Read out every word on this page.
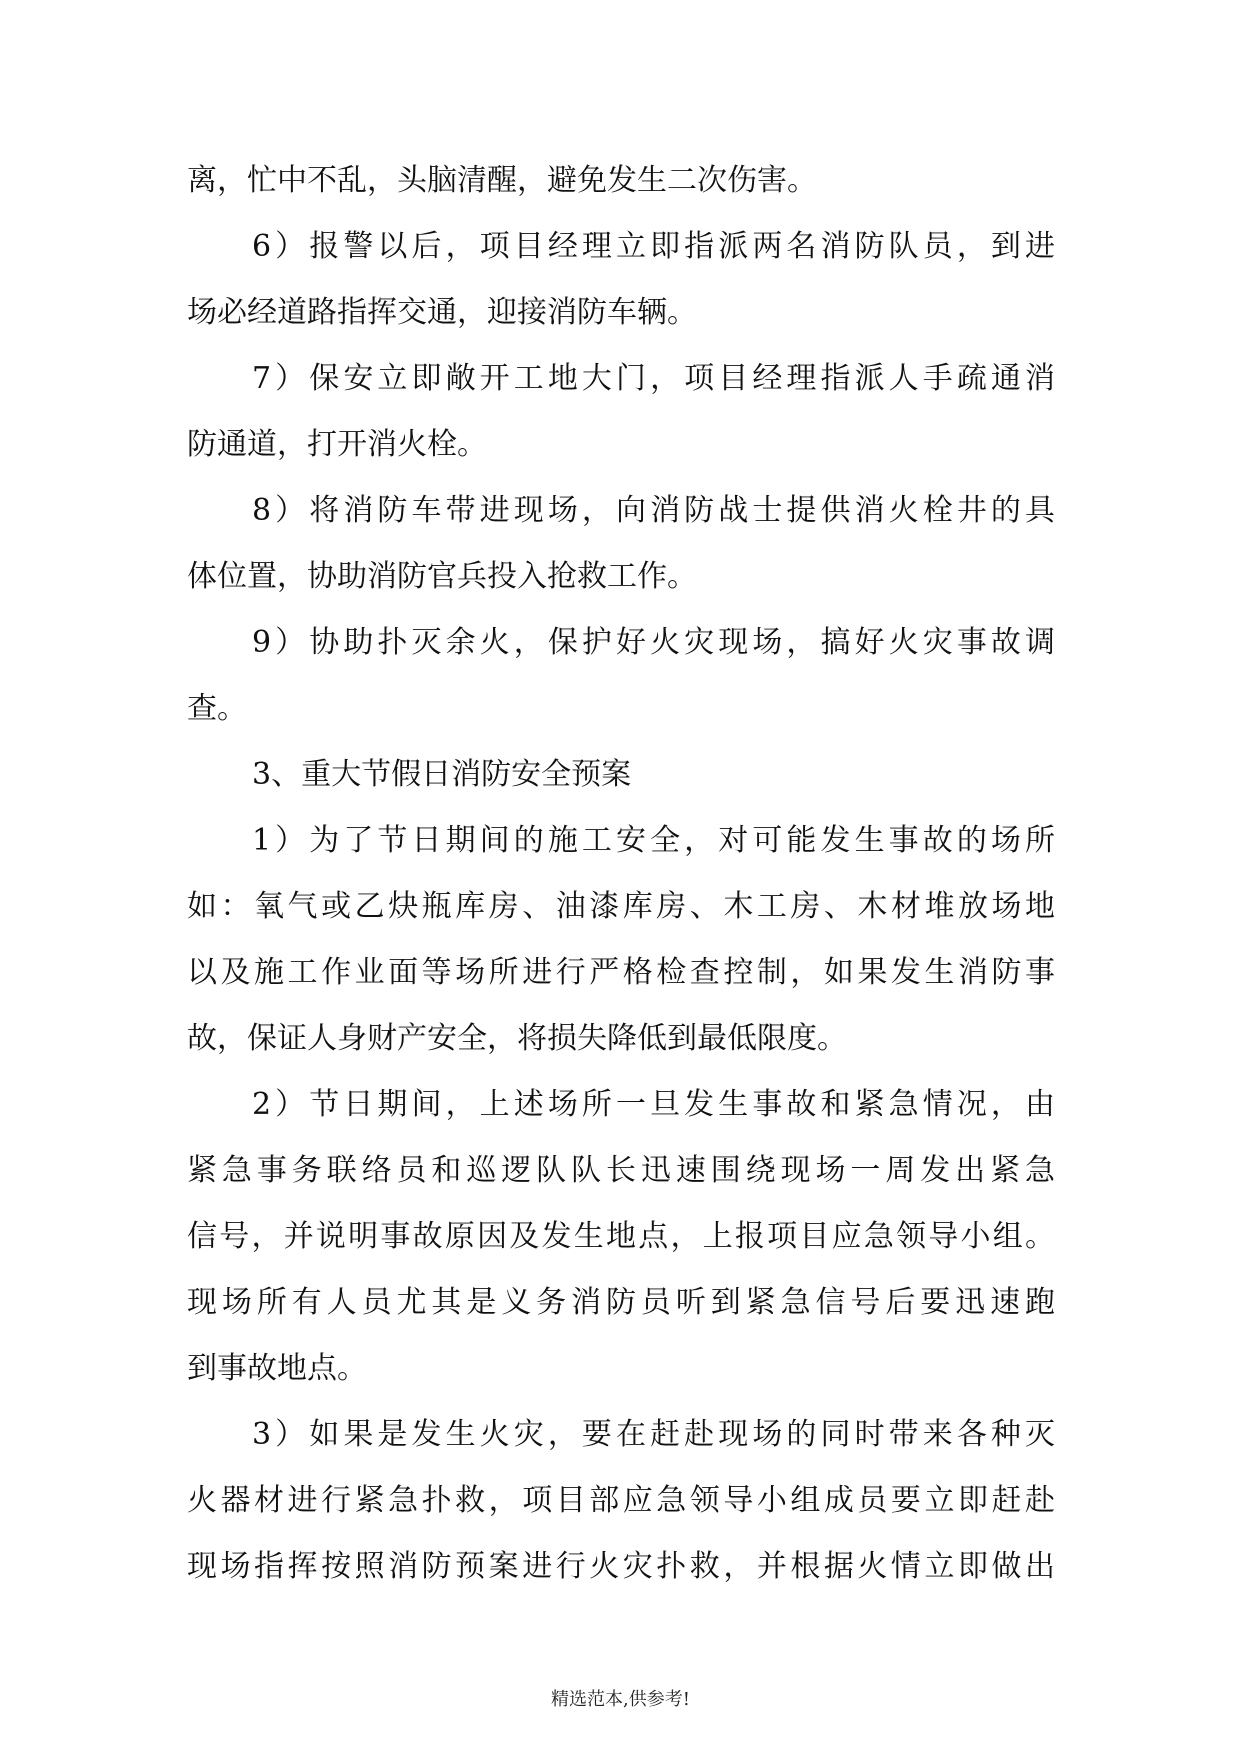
离，忙中不乱，头脑清醒，避免发生二次伤害。
6）报警以后，项目经理立即指派两名消防队员，到进
场必经道路指挥交通，迎接消防车辆。
7）保安立即敞开工地大门，项目经理指派人手疏通消
防通道，打开消火栓。
8）将消防车带进现场，向消防战士提供消火栓井的具
体位置，协助消防官兵投入抢救工作。
9）协助扑灭余火，保护好火灾现场，搞好火灾事故调
查。
3、重大节假日消防安全预案
1）为了节日期间的施工安全，对可能发生事故的场所
如：氧气或乙炔瓶库房、油漆库房、木工房、木材堆放场地
以及施工作业面等场所进行严格检查控制，如果发生消防事
故，保证人身财产安全，将损失降低到最低限度。
2）节日期间，上述场所一旦发生事故和紧急情况，由
紧急事务联络员和巡逻队队长迅速围绕现场一周发出紧急
信号，并说明事故原因及发生地点，上报项目应急领导小组。
现场所有人员尤其是义务消防员听到紧急信号后要迅速跑
到事故地点。
3）如果是发生火灾，要在赶赴现场的同时带来各种灭
火器材进行紧急扑救，项目部应急领导小组成员要立即赶赴
现场指挥按照消防预案进行火灾扑救，并根据火情立即做出
精选范本,供参考!
